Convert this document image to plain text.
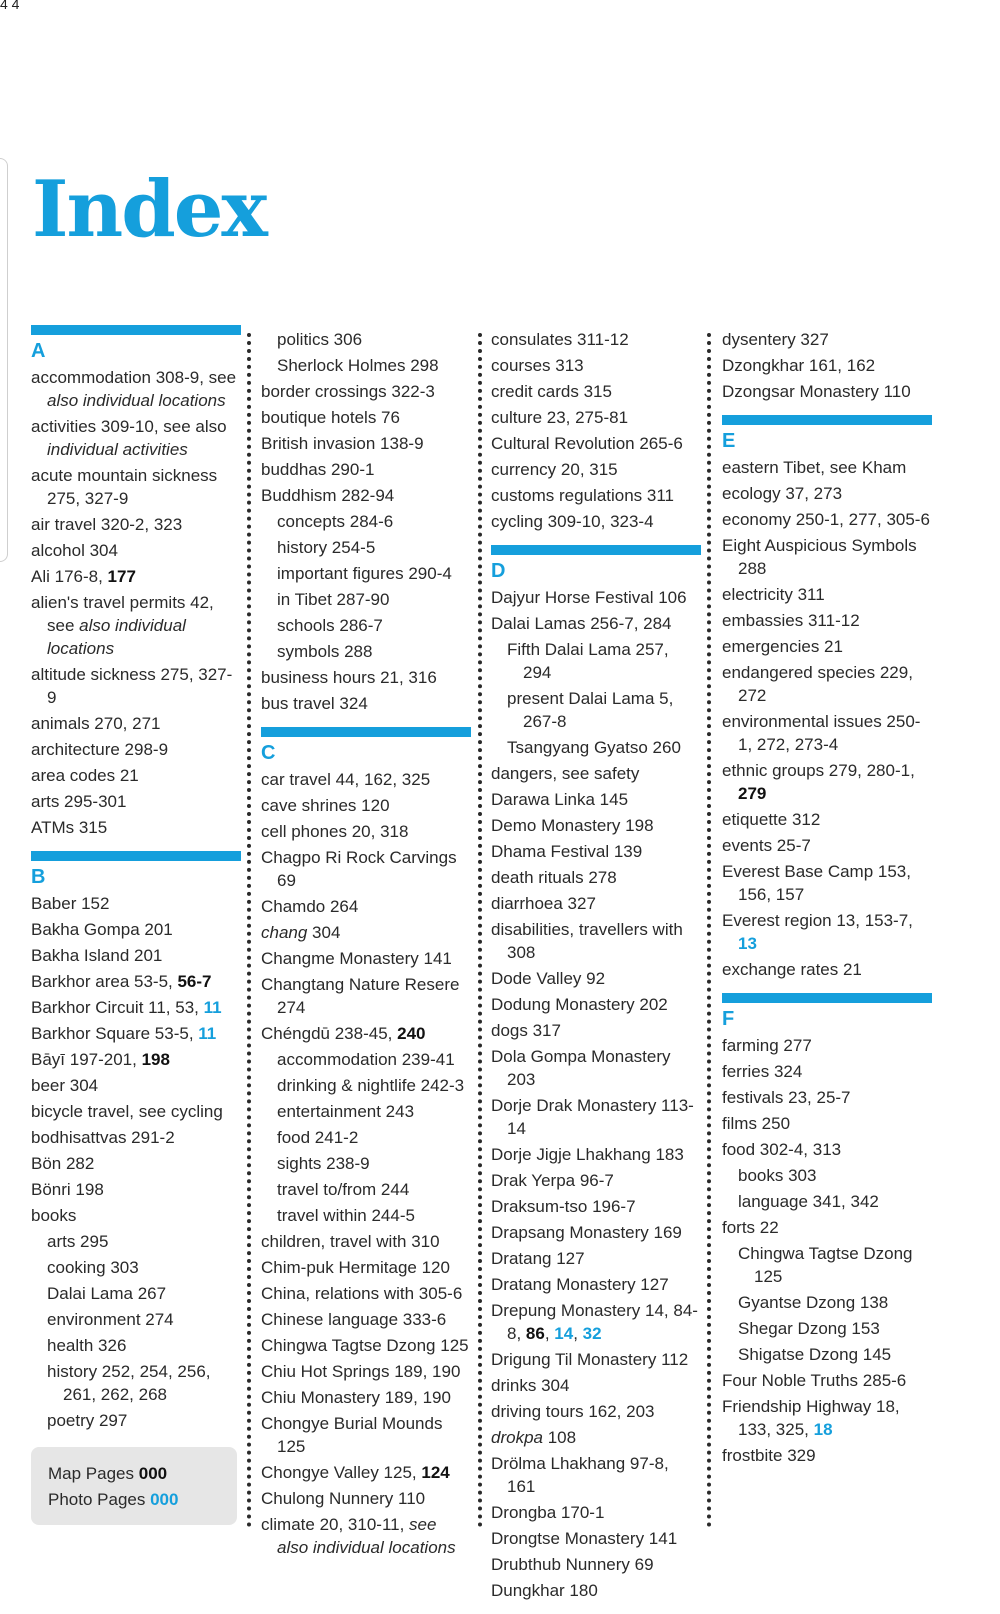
4 4
Index
A
accommodation 308-9, see also individual locations
activities 309-10, see also individual activities
acute mountain sickness 275, 327-9
air travel 320-2, 323
alcohol 304
Ali 176-8, 177
alien's travel permits 42, see also individual locations
altitude sickness 275, 327-9
animals 270, 271
architecture 298-9
area codes 21
arts 295-301
ATMs 315
B
Baber 152
Bakha Gompa 201
Bakha Island 201
Barkhor area 53-5, 56-7
Barkhor Circuit 11, 53, 11
Barkhor Square 53-5, 11
Bāyī 197-201, 198
beer 304
bicycle travel, see cycling
bodhisattvas 291-2
Bön 282
Bönri 198
books
arts 295
cooking 303
Dalai Lama 267
environment 274
health 326
history 252, 254, 256, 261, 262, 268
poetry 297
politics 306
Sherlock Holmes 298
border crossings 322-3
boutique hotels 76
British invasion 138-9
buddhas 290-1
Buddhism 282-94
concepts 284-6
history 254-5
important figures 290-4
in Tibet 287-90
schools 286-7
symbols 288
business hours 21, 316
bus travel 324
C
car travel 44, 162, 325
cave shrines 120
cell phones 20, 318
Chagpo Ri Rock Carvings 69
Chamdo 264
chang 304
Changme Monastery 141
Changtang Nature Resere 274
Chéngdū 238-45, 240
accommodation 239-41
drinking & nightlife 242-3
entertainment 243
food 241-2
sights 238-9
travel to/from 244
travel within 244-5
children, travel with 310
Chim-puk Hermitage 120
China, relations with 305-6
Chinese language 333-6
Chingwa Tagtse Dzong 125
Chiu Hot Springs 189, 190
Chiu Monastery 189, 190
Chongye Burial Mounds 125
Chongye Valley 125, 124
Chulong Nunnery 110
climate 20, 310-11, see also individual locations
consulates 311-12
courses 313
credit cards 315
culture 23, 275-81
Cultural Revolution 265-6
currency 20, 315
customs regulations 311
cycling 309-10, 323-4
D
Dajyur Horse Festival 106
Dalai Lamas 256-7, 284
Fifth Dalai Lama 257, 294
present Dalai Lama 5, 267-8
Tsangyang Gyatso 260
dangers, see safety
Darawa Linka 145
Demo Monastery 198
Dhama Festival 139
death rituals 278
diarrhoea 327
disabilities, travellers with 308
Dode Valley 92
Dodung Monastery 202
dogs 317
Dola Gompa Monastery 203
Dorje Drak Monastery 113-14
Dorje Jigje Lhakhang 183
Drak Yerpa 96-7
Draksum-tso 196-7
Drapsang Monastery 169
Dratang 127
Dratang Monastery 127
Drepung Monastery 14, 84-8, 86, 14, 32
Drigung Til Monastery 112
drinks 304
driving tours 162, 203
drokpa 108
Drölma Lhakhang 97-8, 161
Drongba 170-1
Drongtse Monastery 141
Drubthub Nunnery 69
Dungkhar 180
dysentery 327
Dzongkhar 161, 162
Dzongsar Monastery 110
E
eastern Tibet, see Kham
ecology 37, 273
economy 250-1, 277, 305-6
Eight Auspicious Symbols 288
electricity 311
embassies 311-12
emergencies 21
endangered species 229, 272
environmental issues 250-1, 272, 273-4
ethnic groups 279, 280-1, 279
etiquette 312
events 25-7
Everest Base Camp 153, 156, 157
Everest region 13, 153-7, 13
exchange rates 21
F
farming 277
ferries 324
festivals 23, 25-7
films 250
food 302-4, 313
books 303
language 341, 342
forts 22
Chingwa Tagtse Dzong 125
Gyantse Dzong 138
Shegar Dzong 153
Shigatse Dzong 145
Four Noble Truths 285-6
Friendship Highway 18, 133, 325, 18
frostbite 329
Map Pages 000
Photo Pages 000
